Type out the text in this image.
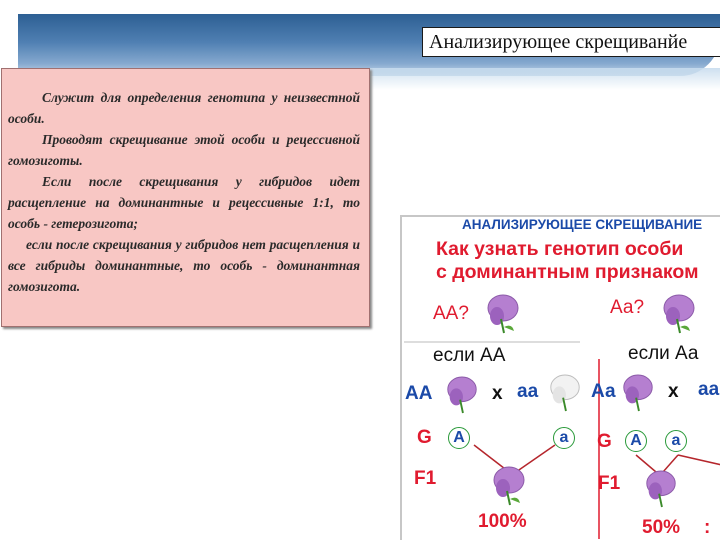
Анализирующее скрещиванйе

Служит для определения генотипа у неизвестной особи.

Проводят скрещивание этой особи и рецессивной гомозиготы.

Если после скрещивания у гибридов идет расщепление на доминантные и рецессивные 1:1, то особь - гетерозигота;

если после скрещивания у гибридов нет расщепления и все гибриды доминантные, то особь - доминантная гомозигота.

АНАЛИЗИРУЮЩЕЕ СКРЕЩИВАНИЕ
Как узнать генотип особи
с доминантным признаком
АА?
если АА
АА	x аа
G	А	а
F1
100%
Аа?
если Аа
Аа	x аа
G	А	а
F1
50% :
